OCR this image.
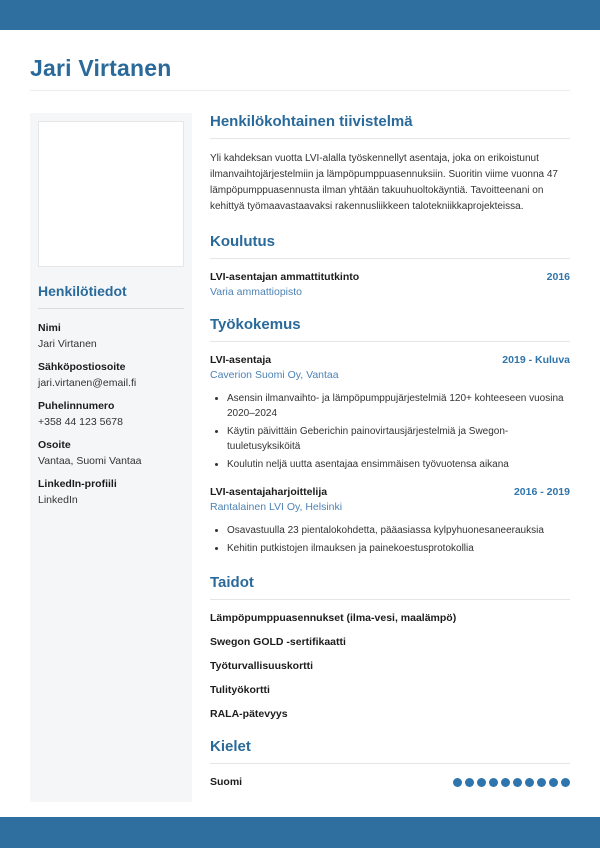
Jari Virtanen
Henkilötiedot
Nimi
Jari Virtanen
Sähköpostiosoite
jari.virtanen@email.fi
Puhelinnumero
+358 44 123 5678
Osoite
Vantaa, Suomi Vantaa
LinkedIn-profiili
LinkedIn
Henkilökohtainen tiivistelmä

Yli kahdeksan vuotta LVI-alalla työskennellyt asentaja, joka on erikoistunut ilmanvaihtojärjestelmiin ja lämpöpumppuasennuksiin. Suoritin viime vuonna 47 lämpöpumppuasennusta ilman yhtään takuuhuoltokäyntiä. Tavoitteenani on kehittyä työmaavastaavaksi rakennusliikkeen talotekniikkaprojekteissa.

Koulutus
LVI-asentajan ammattitutkinto	2016
Varia ammattiopisto
Työkokemus
LVI-asentaja	2019 - Kuluva
Caverion Suomi Oy, Vantaa
• Asensin ilmanvaihto- ja lämpöpumppujärjestelmiä 120+ kohteeseen vuosina 2020–2024
• Käytin päivittäin Geberichin painovirtausjärjestelmiä ja Swegon-tuuletusyksiköitä
• Koulutin neljä uutta asentajaa ensimmäisen työvuotensa aikana
LVI-asentajaharjoittelija	2016 - 2019
Rantalainen LVI Oy, Helsinki
• Osavastuulla 23 pientalokohdetta, pääasiassa kylpyhuonesaneerauksia
• Kehitin putkistojen ilmauksen ja painekoestusprotokollia
Taidot
Lämpöpumppuasennukset (ilma-vesi, maalämpö)
Swegon GOLD -sertifikaatti
Työturvallisuuskortti
Tulityökortti
RALA-pätevyys
Kielet
Suomi
